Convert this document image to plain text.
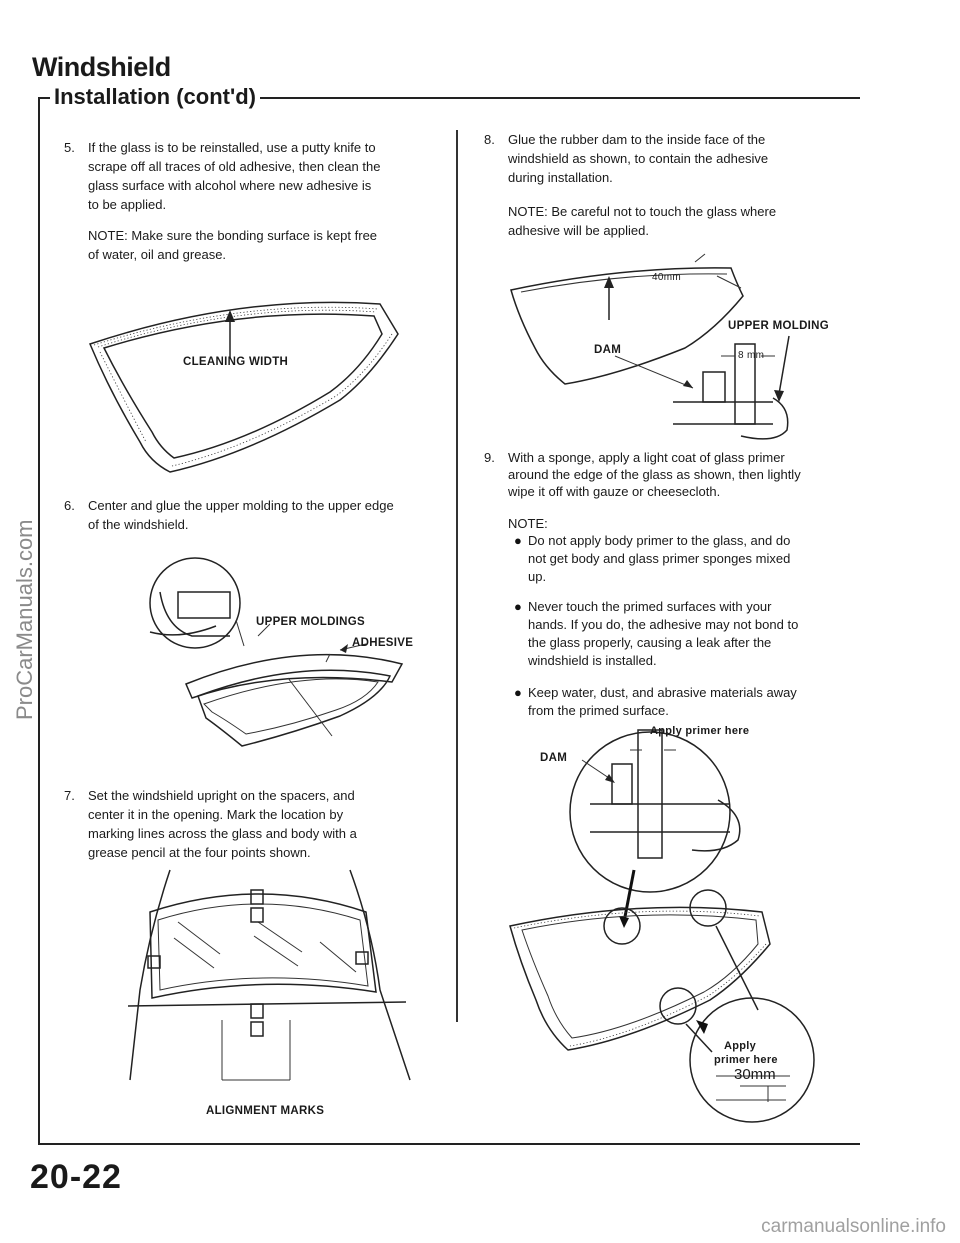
Windshield
Installation (cont'd)
ProCarManuals.com
5. If the glass is to be reinstalled, use a putty knife to
scrape off all traces of old adhesive, then clean the
glass surface with alcohol where new adhesive is
to be applied.
NOTE: Make sure the bonding surface is kept free
of water, oil and grease.
CLEANING WIDTH
6. Center and glue the upper molding to the upper edge
of the windshield.
UPPER MOLDINGS
ADHESIVE
7. Set the windshield upright on the spacers, and
center it in the opening. Mark the location by
marking lines across the glass and body with a
grease pencil at the four points shown.
ALIGNMENT MARKS
8. Glue the rubber dam to the inside face of the
windshield as shown, to contain the adhesive
during installation.
NOTE: Be careful not to touch the glass where
adhesive will be applied.
40mm
DAM
UPPER MOLDING
8 mm
9. With a sponge, apply a light coat of glass primer
around the edge of the glass as shown, then lightly
wipe it off with gauze or cheesecloth.
NOTE:
● Do not apply body primer to the glass, and do
not get body and glass primer sponges mixed
up.
● Never touch the primed surfaces with your
hands. If you do, the adhesive may not bond to
the glass properly, causing a leak after the
windshield is installed.
● Keep water, dust, and abrasive materials away
from the primed surface.
Apply primer here
DAM
Apply
primer here
30mm
20-22
carmanualsonline.info
